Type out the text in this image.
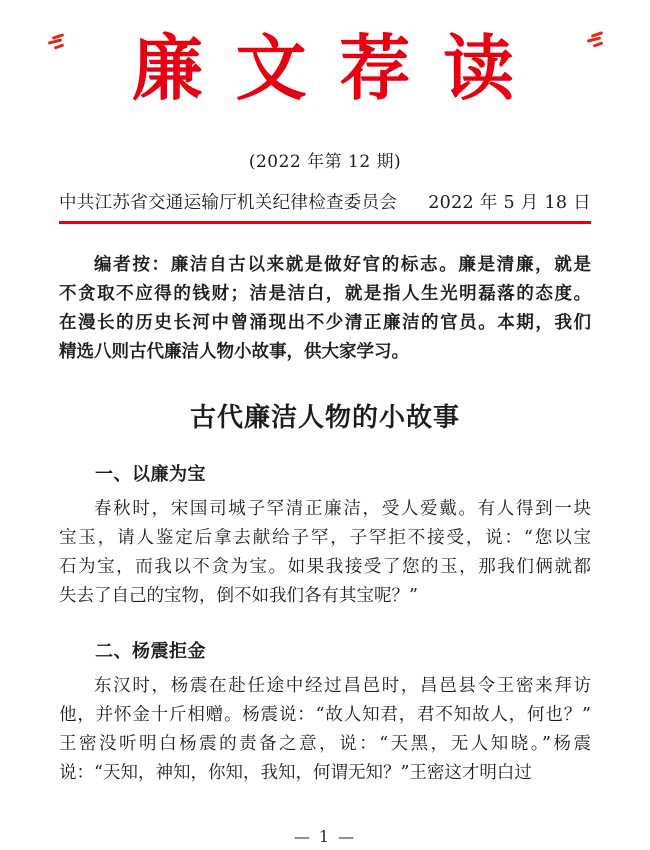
廉 文 荐 读
(2022 年第 12 期)
中共江苏省交通运输厅机关纪律检查委员会 2022 年 5 月 18 日
编者按：廉洁自古以来就是做好官的标志。廉是清廉，就是
不贪取不应得的钱财；洁是洁白，就是指人生光明磊落的态度。
在漫长的历史长河中曾涌现出不少清正廉洁的官员。本期，我们
精选八则古代廉洁人物小故事，供大家学习。
古代廉洁人物的小故事
一、以廉为宝
春秋时，宋国司城子罕清正廉洁，受人爱戴。有人得到一块
宝玉，请人鉴定后拿去献给子罕，子罕拒不接受，说：“您以宝
石为宝，而我以不贪为宝。如果我接受了您的玉，那我们俩就都
失去了自己的宝物，倒不如我们各有其宝呢？”
二、杨震拒金
东汉时，杨震在赴任途中经过昌邑时，昌邑县令王密来拜访
他，并怀金十斤相赠。杨震说：“故人知君，君不知故人，何也？”
王密没听明白杨震的责备之意，说：“天黑，无人知晓。”杨震
说：“天知，神知，你知，我知，何谓无知？”王密这才明白过
— 1 —
